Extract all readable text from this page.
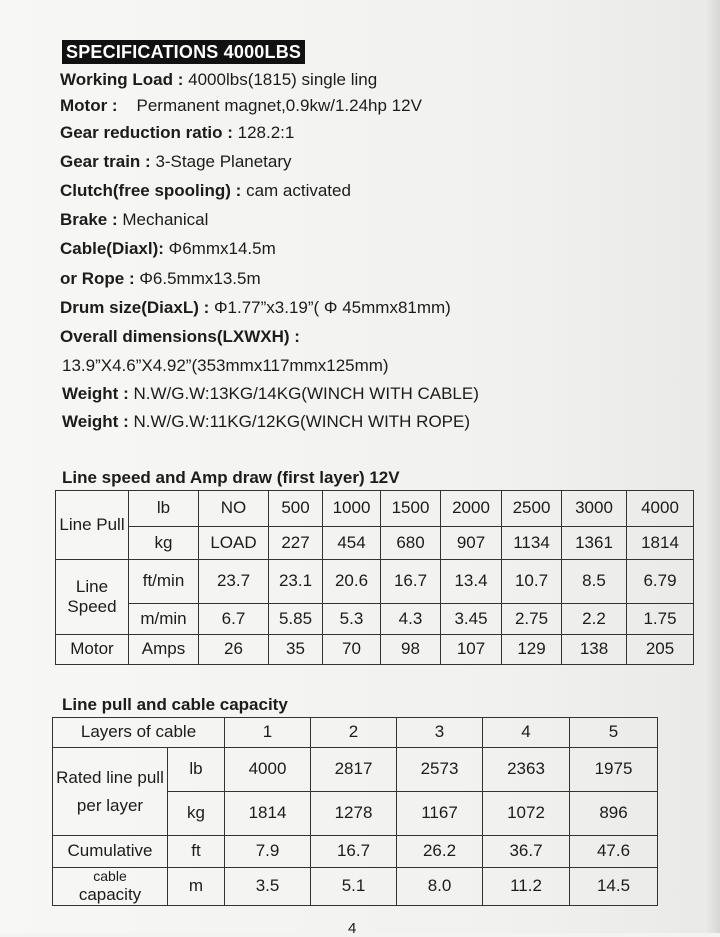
SPECIFICATIONS 4000LBS
Working Load : 4000lbs(1815) single ling
Motor : Permanent magnet,0.9kw/1.24hp 12V
Gear reduction ratio : 128.2:1
Gear train : 3-Stage Planetary
Clutch(free spooling) : cam activated
Brake : Mechanical
Cable(Diaxl): Φ6mmx14.5m
or Rope : Φ6.5mmx13.5m
Drum size(DiaxL) : Φ1.77”x3.19”( Φ 45mmx81mm)
Overall dimensions(LXWXH) :
13.9”X4.6”X4.92”(353mmx117mmx125mm)
Weight : N.W/G.W:13KG/14KG(WINCH WITH CABLE)
Weight : N.W/G.W:11KG/12KG(WINCH WITH ROPE)
Line speed and Amp draw (first layer) 12V
Line Pull	lb	NO	500	1000	1500	2000	2500	3000	4000
	kg	LOAD	227	454	680	907	1134	1361	1814
Line Speed	ft/min	23.7	23.1	20.6	16.7	13.4	10.7	8.5	6.79
	m/min	6.7	5.85	5.3	4.3	3.45	2.75	2.2	1.75
Motor	Amps	26	35	70	98	107	129	138	205
Line pull and cable capacity
Layers of cable		1	2	3	4	5
Rated line pull per layer	lb	4000	2817	2573	2363	1975
	kg	1814	1278	1167	1072	896
Cumulative	ft	7.9	16.7	26.2	36.7	47.6

cable
capacity	m	3.5	5.1	8.0	11.2	14.5
4
